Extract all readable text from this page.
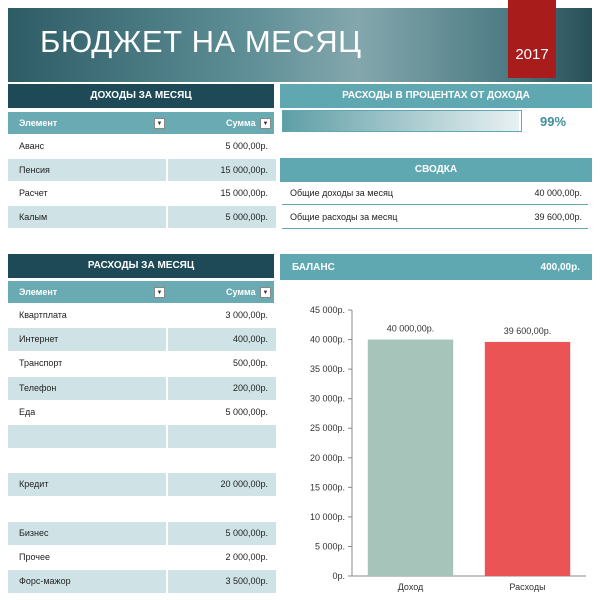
БЮДЖЕТ НА МЕСЯЦ	2017
ДОХОДЫ ЗА МЕСЯЦ
Элемент	▼	Сумма	▼
Аванс	5 000,00р.
Пенсия	15 000,00р.
Расчет	15 000,00р.
Калым	5 000,00р.
РАСХОДЫ В ПРОЦЕНТАХ ОТ ДОХОДА
99%
СВОДКА
Общие доходы за месяц	40 000,00р.
Общие расходы за месяц	39 600,00р.
РАСХОДЫ ЗА МЕСЯЦ
Элемент	▼	Сумма	▼
Квартплата	3 000,00р.
Интернет	400,00р.
Транспорт	500,00р.
Телефон	200,00р.
Еда	5 000,00р.
Кредит	20 000,00р.
Бизнес	5 000,00р.
Прочее	2 000,00р.
Форс-мажор	3 500,00р.
БАЛАНС	400,00р.
0р.
5 000р.
10 000р.
15 000р.
20 000р.
25 000р.
30 000р.
35 000р.
40 000р.
45 000р.
40 000,00р.
Доход
39 600,00р.
Расходы
